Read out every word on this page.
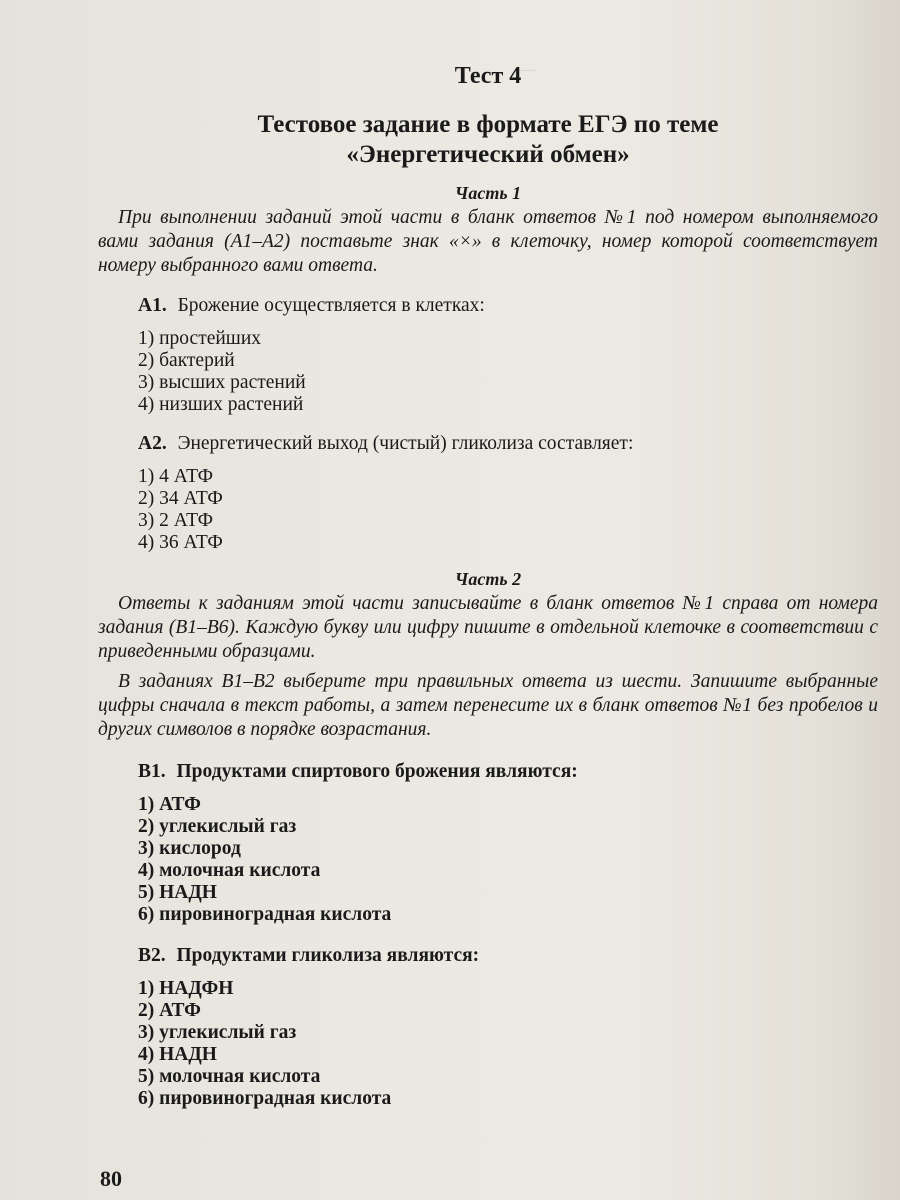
—
Тест 4
Тестовое задание в формате ЕГЭ по теме
«Энергетический обмен»
Часть 1

При выполнении заданий этой части в бланк ответов №1 под номером выполняемого вами задания (А1–А2) поставьте знак «×» в клеточку, номер которой соответствует номеру выбранного вами ответа.

А1. Брожение осуществляется в клетках:
1) простейших
2) бактерий
3) высших растений
4) низших растений
А2. Энергетический выход (чистый) гликолиза составляет:
1) 4 АТФ
2) 34 АТФ
3) 2 АТФ
4) 36 АТФ
Часть 2

Ответы к заданиям этой части записывайте в бланк ответов №1 справа от номера задания (В1–В6). Каждую букву или цифру пишите в отдельной клеточке в соответствии с приведенными образцами.

В заданиях В1–В2 выберите три правильных ответа из шести. Запишите выбранные цифры сначала в текст работы, а затем перенесите их в бланк ответов №1 без пробелов и других символов в порядке возрастания.

В1. Продуктами спиртового брожения являются:
1) АТФ
2) углекислый газ
3) кислород
4) молочная кислота
5) НАДН
6) пировиноградная кислота
В2. Продуктами гликолиза являются:
1) НАДФН
2) АТФ
3) углекислый газ
4) НАДН
5) молочная кислота
6) пировиноградная кислота
80
